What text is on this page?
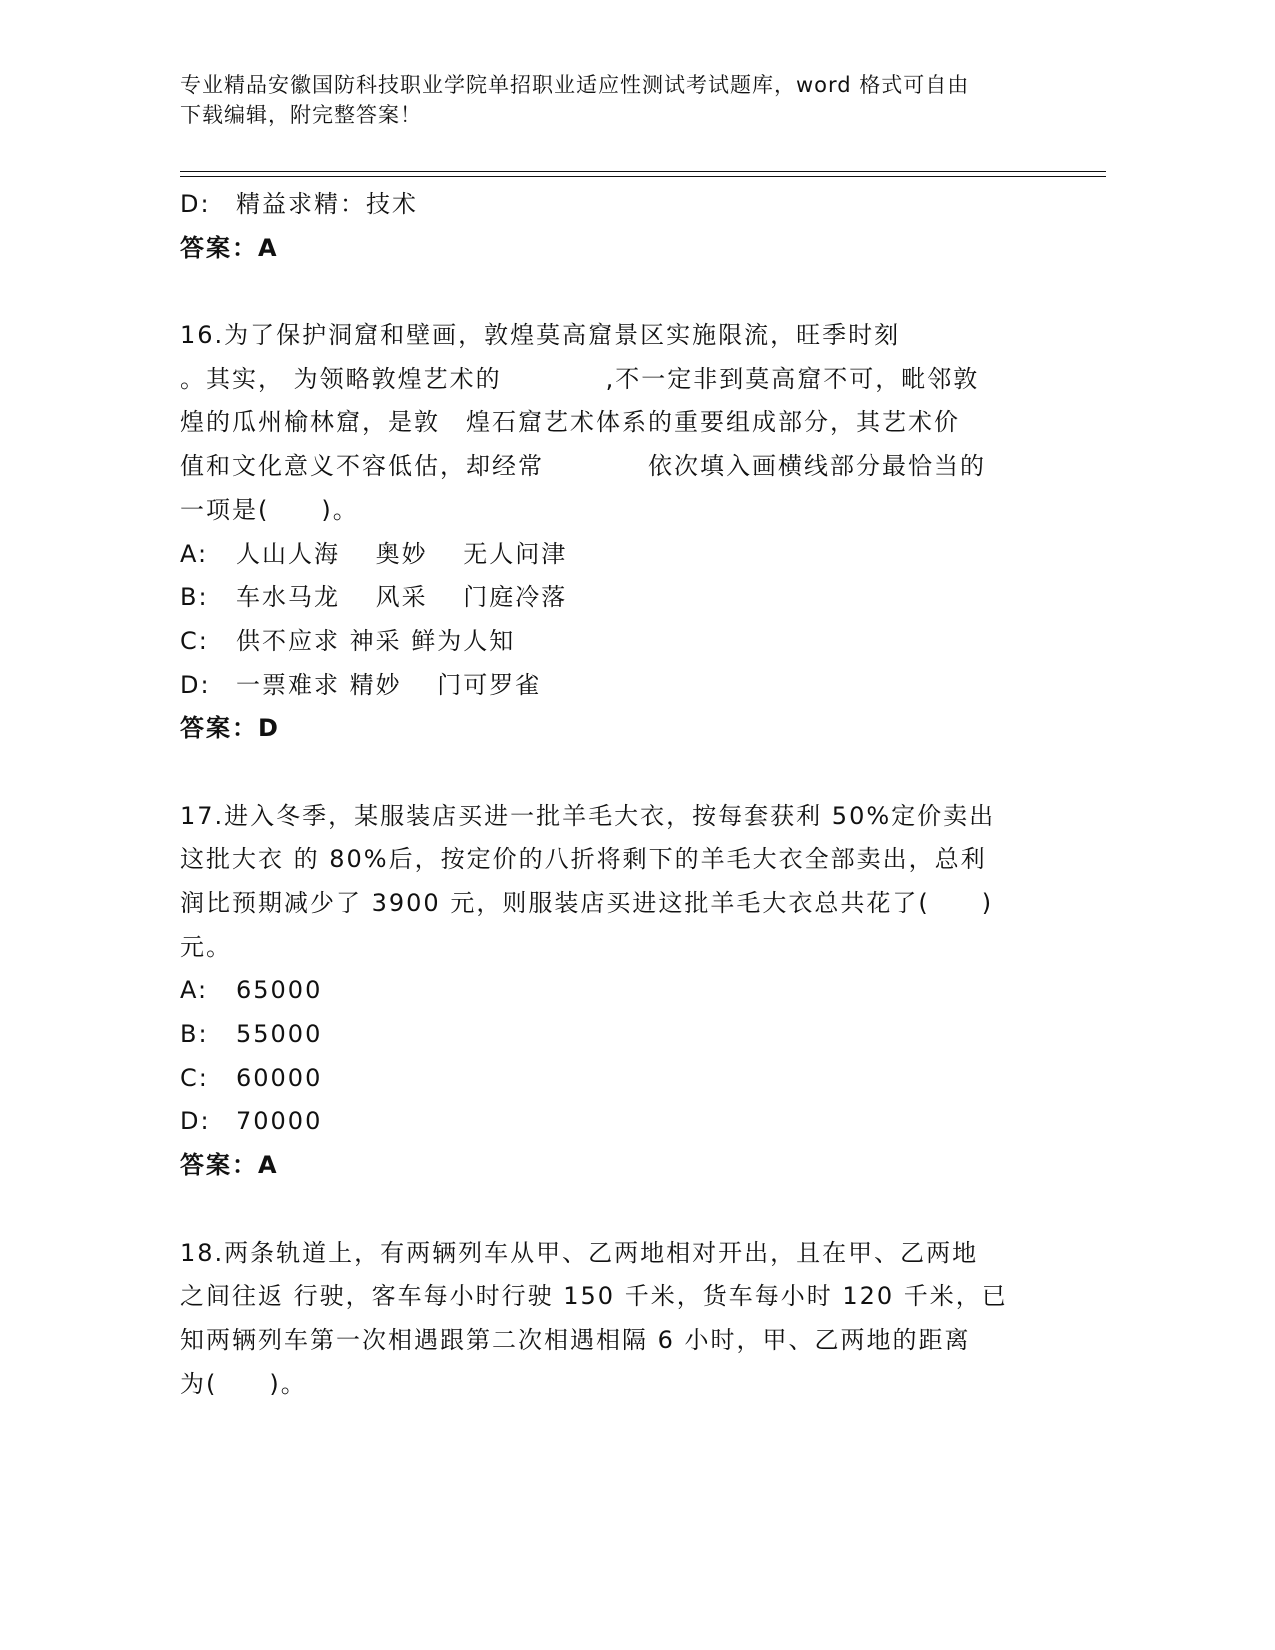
专业精品安徽国防科技职业学院单招职业适应性测试考试题库，word 格式可自由
下载编辑，附完整答案！
D:	精益求精：技术
答案：A
16.为了保护洞窟和壁画，敦煌莫高窟景区实施限流，旺季时刻
。其实， 为领略敦煌艺术的　　　　,不一定非到莫高窟不可，毗邻敦
煌的瓜州榆林窟，是敦　煌石窟艺术体系的重要组成部分，其艺术价
值和文化意义不容低估，却经常　　　　依次填入画横线部分最恰当的
一项是(　　)。
A:	人山人海　 奥妙　 无人问津
B:	车水马龙　 风采　 门庭冷落
C:	供不应求 神采 鲜为人知
D:	一票难求 精妙　 门可罗雀
答案：D
17.进入冬季，某服装店买进一批羊毛大衣，按每套获利 50%定价卖出
这批大衣 的 80%后，按定价的八折将剩下的羊毛大衣全部卖出，总利
润比预期减少了 3900 元，则服装店买进这批羊毛大衣总共花了(　　)
元。
A:	65000
B:	55000
C:	60000
D:	70000
答案：A
18.两条轨道上，有两辆列车从甲、乙两地相对开出，且在甲、乙两地
之间往返 行驶，客车每小时行驶 150 千米，货车每小时 120 千米，已
知两辆列车第一次相遇跟第二次相遇相隔 6 小时，甲、乙两地的距离
为(　　)。
